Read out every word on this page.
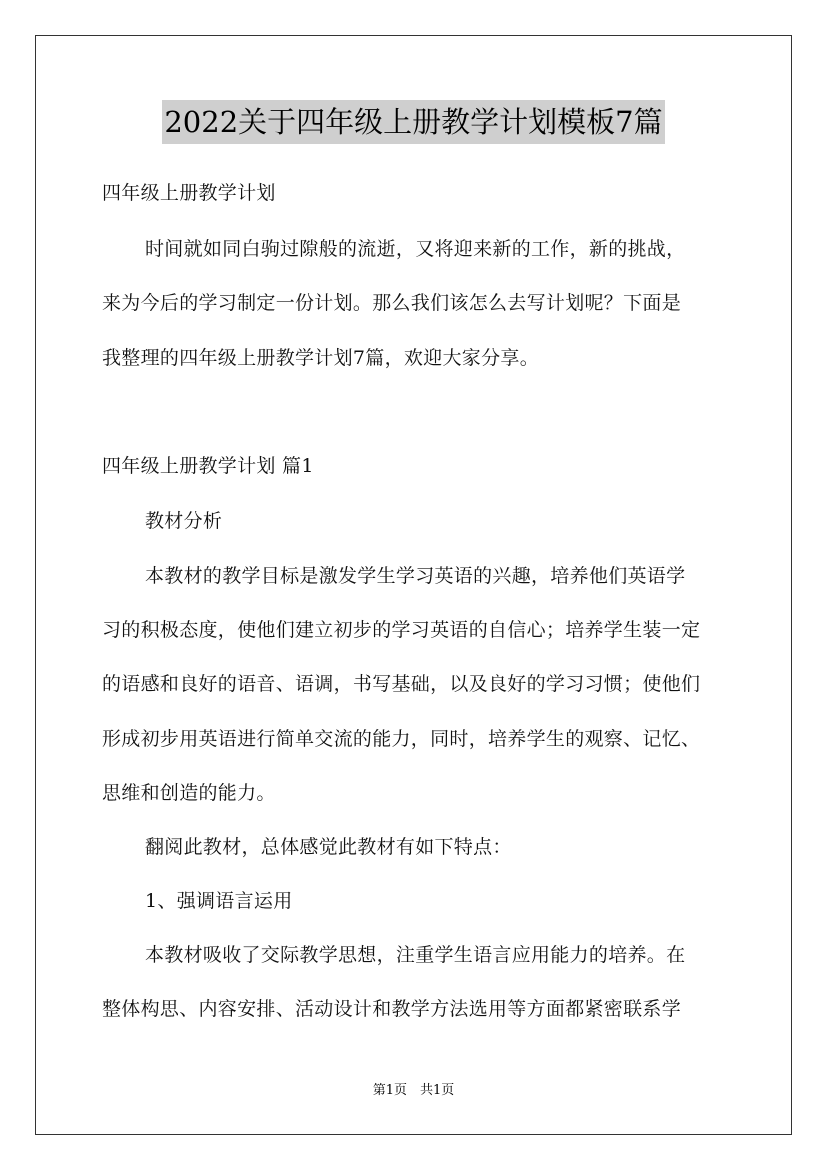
2022关于四年级上册教学计划模板7篇
四年级上册教学计划
时间就如同白驹过隙般的流逝，又将迎来新的工作，新的挑战，
来为今后的学习制定一份计划。那么我们该怎么去写计划呢？下面是
我整理的四年级上册教学计划7篇，欢迎大家分享。
四年级上册教学计划 篇1
教材分析
本教材的教学目标是激发学生学习英语的兴趣，培养他们英语学
习的积极态度，使他们建立初步的学习英语的自信心；培养学生装一定
的语感和良好的语音、语调，书写基础，以及良好的学习习惯；使他们
形成初步用英语进行简单交流的能力，同时，培养学生的观察、记忆、
思维和创造的能力。
翻阅此教材，总体感觉此教材有如下特点：
1、强调语言运用
本教材吸收了交际教学思想，注重学生语言应用能力的培养。在
整体构思、内容安排、活动设计和教学方法选用等方面都紧密联系学
第1页　共1页
